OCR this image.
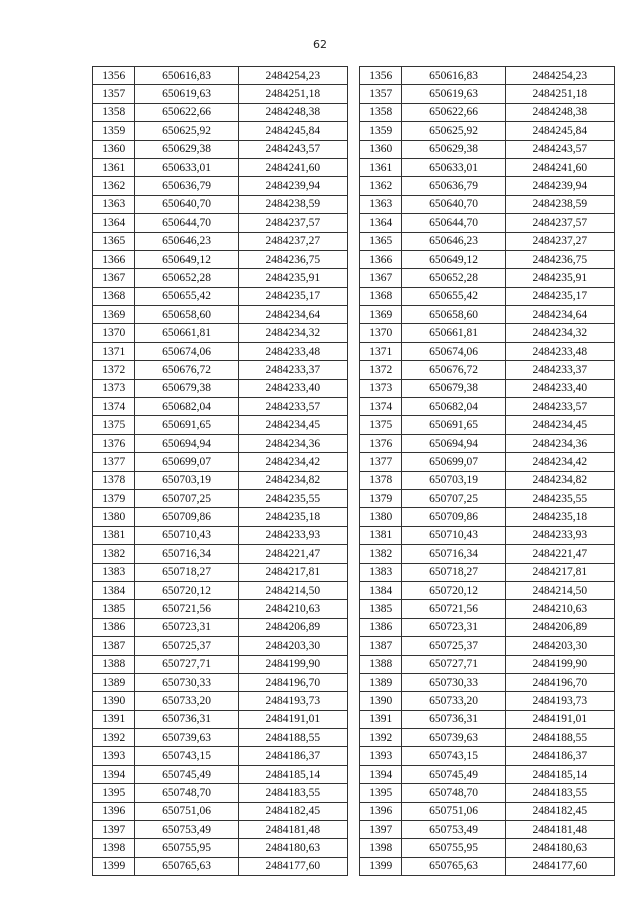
62
1356	650616,83	2484254,23
1357	650619,63	2484251,18
1358	650622,66	2484248,38
1359	650625,92	2484245,84
1360	650629,38	2484243,57
1361	650633,01	2484241,60
1362	650636,79	2484239,94
1363	650640,70	2484238,59
1364	650644,70	2484237,57
1365	650646,23	2484237,27
1366	650649,12	2484236,75
1367	650652,28	2484235,91
1368	650655,42	2484235,17
1369	650658,60	2484234,64
1370	650661,81	2484234,32
1371	650674,06	2484233,48
1372	650676,72	2484233,37
1373	650679,38	2484233,40
1374	650682,04	2484233,57
1375	650691,65	2484234,45
1376	650694,94	2484234,36
1377	650699,07	2484234,42
1378	650703,19	2484234,82
1379	650707,25	2484235,55
1380	650709,86	2484235,18
1381	650710,43	2484233,93
1382	650716,34	2484221,47
1383	650718,27	2484217,81
1384	650720,12	2484214,50
1385	650721,56	2484210,63
1386	650723,31	2484206,89
1387	650725,37	2484203,30
1388	650727,71	2484199,90
1389	650730,33	2484196,70
1390	650733,20	2484193,73
1391	650736,31	2484191,01
1392	650739,63	2484188,55
1393	650743,15	2484186,37
1394	650745,49	2484185,14
1395	650748,70	2484183,55
1396	650751,06	2484182,45
1397	650753,49	2484181,48
1398	650755,95	2484180,63
1399	650765,63	2484177,60
1356	650616,83	2484254,23
1357	650619,63	2484251,18
1358	650622,66	2484248,38
1359	650625,92	2484245,84
1360	650629,38	2484243,57
1361	650633,01	2484241,60
1362	650636,79	2484239,94
1363	650640,70	2484238,59
1364	650644,70	2484237,57
1365	650646,23	2484237,27
1366	650649,12	2484236,75
1367	650652,28	2484235,91
1368	650655,42	2484235,17
1369	650658,60	2484234,64
1370	650661,81	2484234,32
1371	650674,06	2484233,48
1372	650676,72	2484233,37
1373	650679,38	2484233,40
1374	650682,04	2484233,57
1375	650691,65	2484234,45
1376	650694,94	2484234,36
1377	650699,07	2484234,42
1378	650703,19	2484234,82
1379	650707,25	2484235,55
1380	650709,86	2484235,18
1381	650710,43	2484233,93
1382	650716,34	2484221,47
1383	650718,27	2484217,81
1384	650720,12	2484214,50
1385	650721,56	2484210,63
1386	650723,31	2484206,89
1387	650725,37	2484203,30
1388	650727,71	2484199,90
1389	650730,33	2484196,70
1390	650733,20	2484193,73
1391	650736,31	2484191,01
1392	650739,63	2484188,55
1393	650743,15	2484186,37
1394	650745,49	2484185,14
1395	650748,70	2484183,55
1396	650751,06	2484182,45
1397	650753,49	2484181,48
1398	650755,95	2484180,63
1399	650765,63	2484177,60
